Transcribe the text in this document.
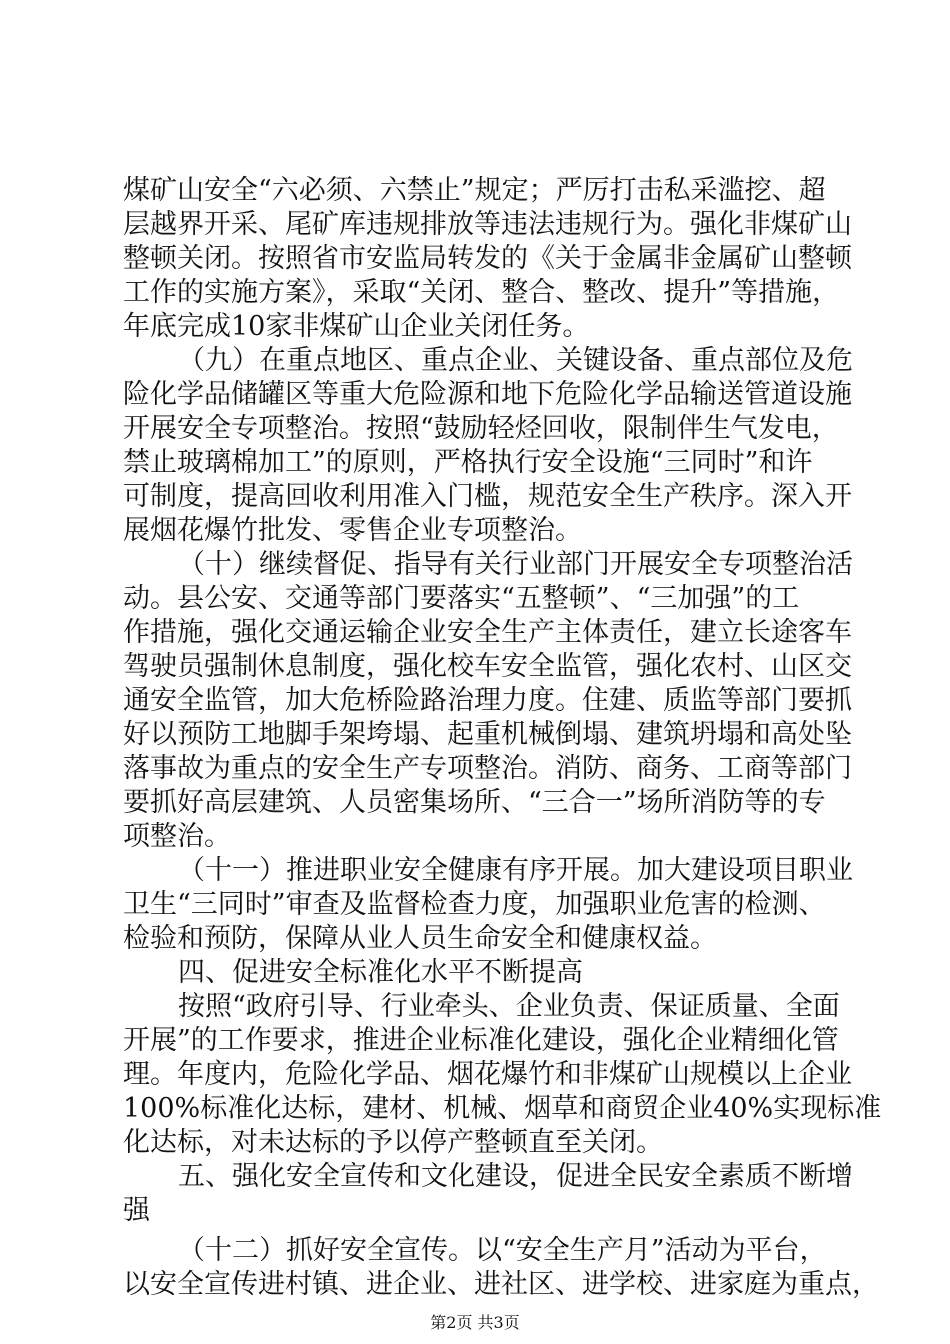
煤矿山安全“六必须、六禁止”规定；严厉打击私采滥挖、超
层越界开采、尾矿库违规排放等违法违规行为。强化非煤矿山
整顿关闭。按照省市安监局转发的《关于金属非金属矿山整顿
工作的实施方案》，采取“关闭、整合、整改、提升”等措施，
年底完成10家非煤矿山企业关闭任务。
（九）在重点地区、重点企业、关键设备、重点部位及危
险化学品储罐区等重大危险源和地下危险化学品输送管道设施
开展安全专项整治。按照“鼓励轻烃回收，限制伴生气发电，
禁止玻璃棉加工”的原则，严格执行安全设施“三同时”和许
可制度，提高回收利用准入门槛，规范安全生产秩序。深入开
展烟花爆竹批发、零售企业专项整治。
（十）继续督促、指导有关行业部门开展安全专项整治活
动。县公安、交通等部门要落实“五整顿”、“三加强”的工
作措施，强化交通运输企业安全生产主体责任，建立长途客车
驾驶员强制休息制度，强化校车安全监管，强化农村、山区交
通安全监管，加大危桥险路治理力度。住建、质监等部门要抓
好以预防工地脚手架垮塌、起重机械倒塌、建筑坍塌和高处坠
落事故为重点的安全生产专项整治。消防、商务、工商等部门
要抓好高层建筑、人员密集场所、“三合一”场所消防等的专
项整治。
（十一）推进职业安全健康有序开展。加大建设项目职业
卫生“三同时”审查及监督检查力度，加强职业危害的检测、
检验和预防，保障从业人员生命安全和健康权益。
四、促进安全标准化水平不断提高
按照“政府引导、行业牵头、企业负责、保证质量、全面
开展”的工作要求，推进企业标准化建设，强化企业精细化管
理。年度内，危险化学品、烟花爆竹和非煤矿山规模以上企业
100%标准化达标，建材、机械、烟草和商贸企业40%实现标准
化达标，对未达标的予以停产整顿直至关闭。
五、强化安全宣传和文化建设，促进全民安全素质不断增
强
（十二）抓好安全宣传。以“安全生产月”活动为平台，
以安全宣传进村镇、进企业、进社区、进学校、进家庭为重点，
第2页 共3页
